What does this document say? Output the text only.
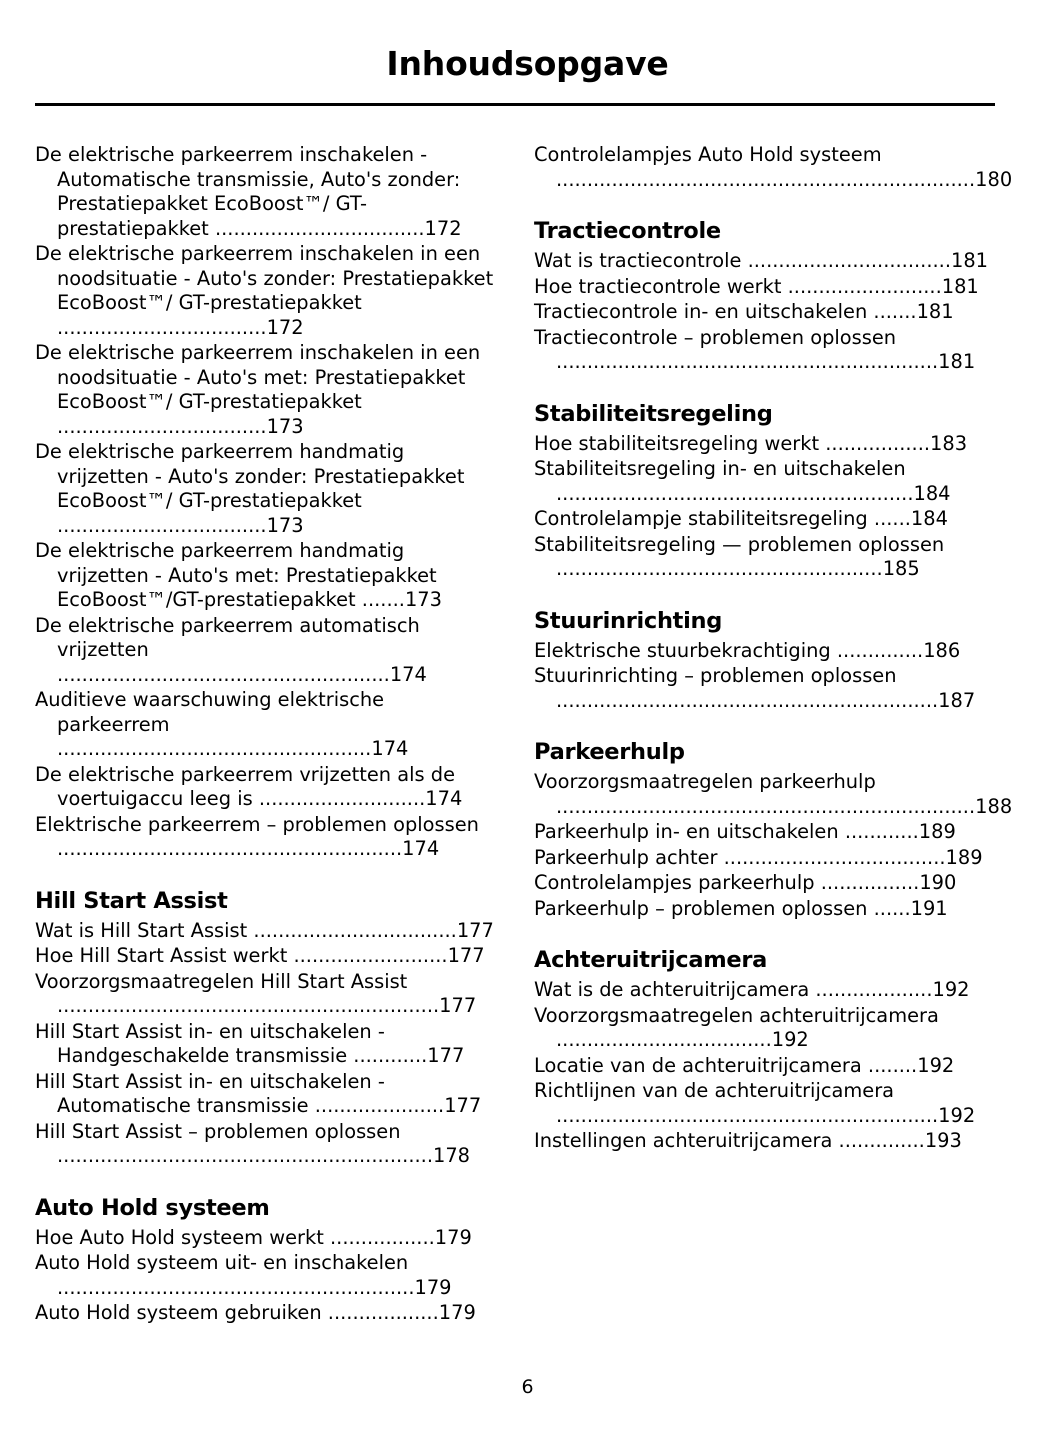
Inhoudsopgave
De elektrische parkeerrem inschakelen - Automatische transmissie, Auto's zonder: Prestatiepakket EcoBoost™/ GT-prestatiepakket ..................................172
De elektrische parkeerrem inschakelen in een noodsituatie - Auto's zonder: Prestatiepakket EcoBoost™/ GT-prestatiepakket ..................................172
De elektrische parkeerrem inschakelen in een noodsituatie - Auto's met: Prestatiepakket EcoBoost™/ GT-prestatiepakket ..................................173
De elektrische parkeerrem handmatig vrijzetten - Auto's zonder: Prestatiepakket EcoBoost™/ GT-prestatiepakket ..................................173
De elektrische parkeerrem handmatig vrijzetten - Auto's met: Prestatiepakket EcoBoost™/GT-prestatiepakket .......173
De elektrische parkeerrem automatisch vrijzetten ......................................................174
Auditieve waarschuwing elektrische parkeerrem ...................................................174
De elektrische parkeerrem vrijzetten als de voertuigaccu leeg is ...........................174
Elektrische parkeerrem – problemen oplossen ........................................................174
Hill Start Assist
Wat is Hill Start Assist .................................177
Hoe Hill Start Assist werkt .........................177
Voorzorgsmaatregelen Hill Start Assist ..............................................................177
Hill Start Assist in- en uitschakelen - Handgeschakelde transmissie ............177
Hill Start Assist in- en uitschakelen - Automatische transmissie .....................177
Hill Start Assist – problemen oplossen .............................................................178
Auto Hold systeem
Hoe Auto Hold systeem werkt .................179
Auto Hold systeem uit- en inschakelen ..........................................................179
Auto Hold systeem gebruiken ..................179
Controlelampjes Auto Hold systeem ....................................................................180
Tractiecontrole
Wat is tractiecontrole .................................181
Hoe tractiecontrole werkt .........................181
Tractiecontrole in- en uitschakelen .......181
Tractiecontrole – problemen oplossen ..............................................................181
Stabiliteitsregeling
Hoe stabiliteitsregeling werkt .................183
Stabiliteitsregeling in- en uitschakelen ..........................................................184
Controlelampje stabiliteitsregeling ......184
Stabiliteitsregeling — problemen oplossen .....................................................185
Stuurinrichting
Elektrische stuurbekrachtiging ..............186
Stuurinrichting – problemen oplossen ..............................................................187
Parkeerhulp
Voorzorgsmaatregelen parkeerhulp ....................................................................188
Parkeerhulp in- en uitschakelen ............189
Parkeerhulp achter ....................................189
Controlelampjes parkeerhulp ................190
Parkeerhulp – problemen oplossen ......191
Achteruitrijcamera
Wat is de achteruitrijcamera ...................192
Voorzorgsmaatregelen achteruitrijcamera ...................................192
Locatie van de achteruitrijcamera ........192
Richtlijnen van de achteruitrijcamera ..............................................................192
Instellingen achteruitrijcamera ..............193
6
